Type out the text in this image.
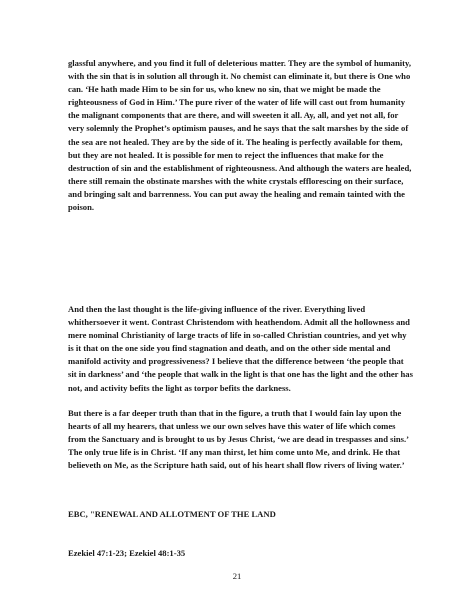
glassful anywhere, and you find it full of deleterious matter. They are the symbol of humanity, with the sin that is in solution all through it. No chemist can eliminate it, but there is One who can. ‘He hath made Him to be sin for us, who knew no sin, that we might be made the righteousness of God in Him.’ The pure river of the water of life will cast out from humanity the malignant components that are there, and will sweeten it all. Ay, all, and yet not all, for very solemnly the Prophet’s optimism pauses, and he says that the salt marshes by the side of the sea are not healed. They are by the side of it. The healing is perfectly available for them, but they are not healed. It is possible for men to reject the influences that make for the destruction of sin and the establishment of righteousness. And although the waters are healed, there still remain the obstinate marshes with the white crystals efflorescing on their surface, and bringing salt and barrenness. You can put away the healing and remain tainted with the poison.

And then the last thought is the life-giving influence of the river. Everything lived whithersoever it went. Contrast Christendom with heathendom. Admit all the hollowness and mere nominal Christianity of large tracts of life in so-called Christian countries, and yet why is it that on the one side you find stagnation and death, and on the other side mental and manifold activity and progressiveness? I believe that the difference between ‘the people that sit in darkness’ and ‘the people that walk in the light is that one has the light and the other has not, and activity befits the light as torpor befits the darkness.

But there is a far deeper truth than that in the figure, a truth that I would fain lay upon the hearts of all my hearers, that unless we our own selves have this water of life which comes from the Sanctuary and is brought to us by Jesus Christ, ‘we are dead in trespasses and sins.’ The only true life is in Christ. ‘If any man thirst, let him come unto Me, and drink. He that believeth on Me, as the Scripture hath said, out of his heart shall flow rivers of living water.’

EBC, "RENEWAL AND ALLOTMENT OF THE LAND

Ezekiel 47:1-23; Ezekiel 48:1-35

21
